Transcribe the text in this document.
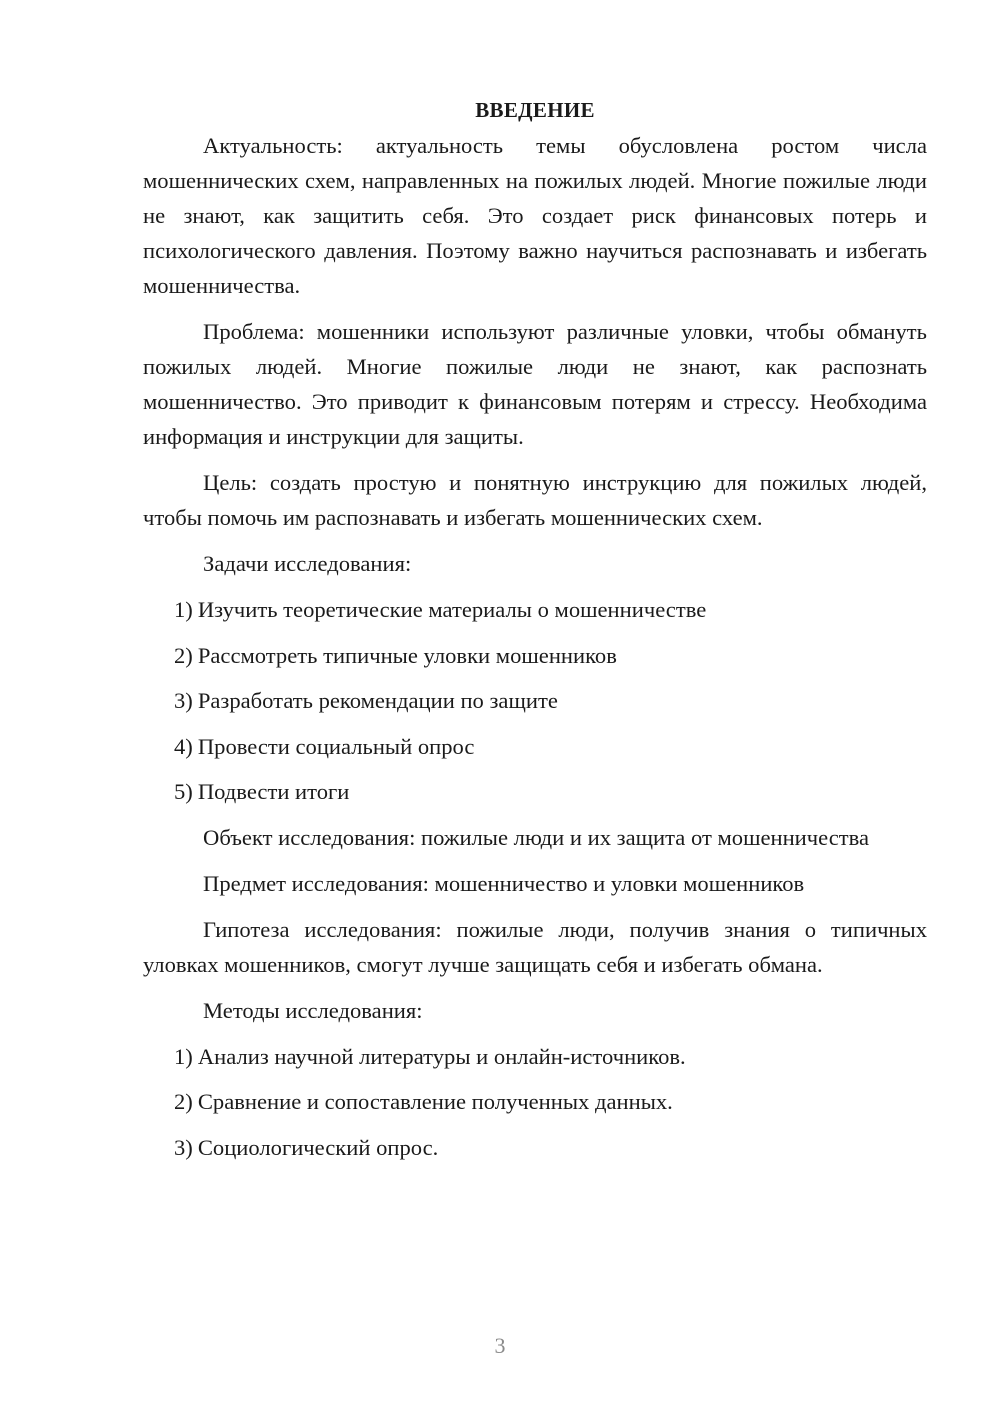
ВВЕДЕНИЕ

Актуальность: актуальность темы обусловлена ростом числа мошеннических схем, направленных на пожилых людей. Многие пожилые люди не знают, как защитить себя. Это создает риск финансовых потерь и психологического давления. Поэтому важно научиться распознавать и избегать мошенничества.

Проблема: мошенники используют различные уловки, чтобы обмануть пожилых людей. Многие пожилые люди не знают, как распознать мошенничество. Это приводит к финансовым потерям и стрессу. Необходима информация и инструкции для защиты.

Цель: создать простую и понятную инструкцию для пожилых людей, чтобы помочь им распознавать и избегать мошеннических схем.

Задачи исследования:

1) Изучить теоретические материалы о мошенничестве
2) Рассмотреть типичные уловки мошенников
3) Разработать рекомендации по защите
4) Провести социальный опрос
5) Подвести итоги

Объект исследования: пожилые люди и их защита от мошенничества

Предмет исследования: мошенничество и уловки мошенников

Гипотеза исследования: пожилые люди, получив знания о типичных уловках мошенников, смогут лучше защищать себя и избегать обмана.

Методы исследования:

1) Анализ научной литературы и онлайн-источников.
2) Сравнение и сопоставление полученных данных.
3) Социологический опрос.
3
